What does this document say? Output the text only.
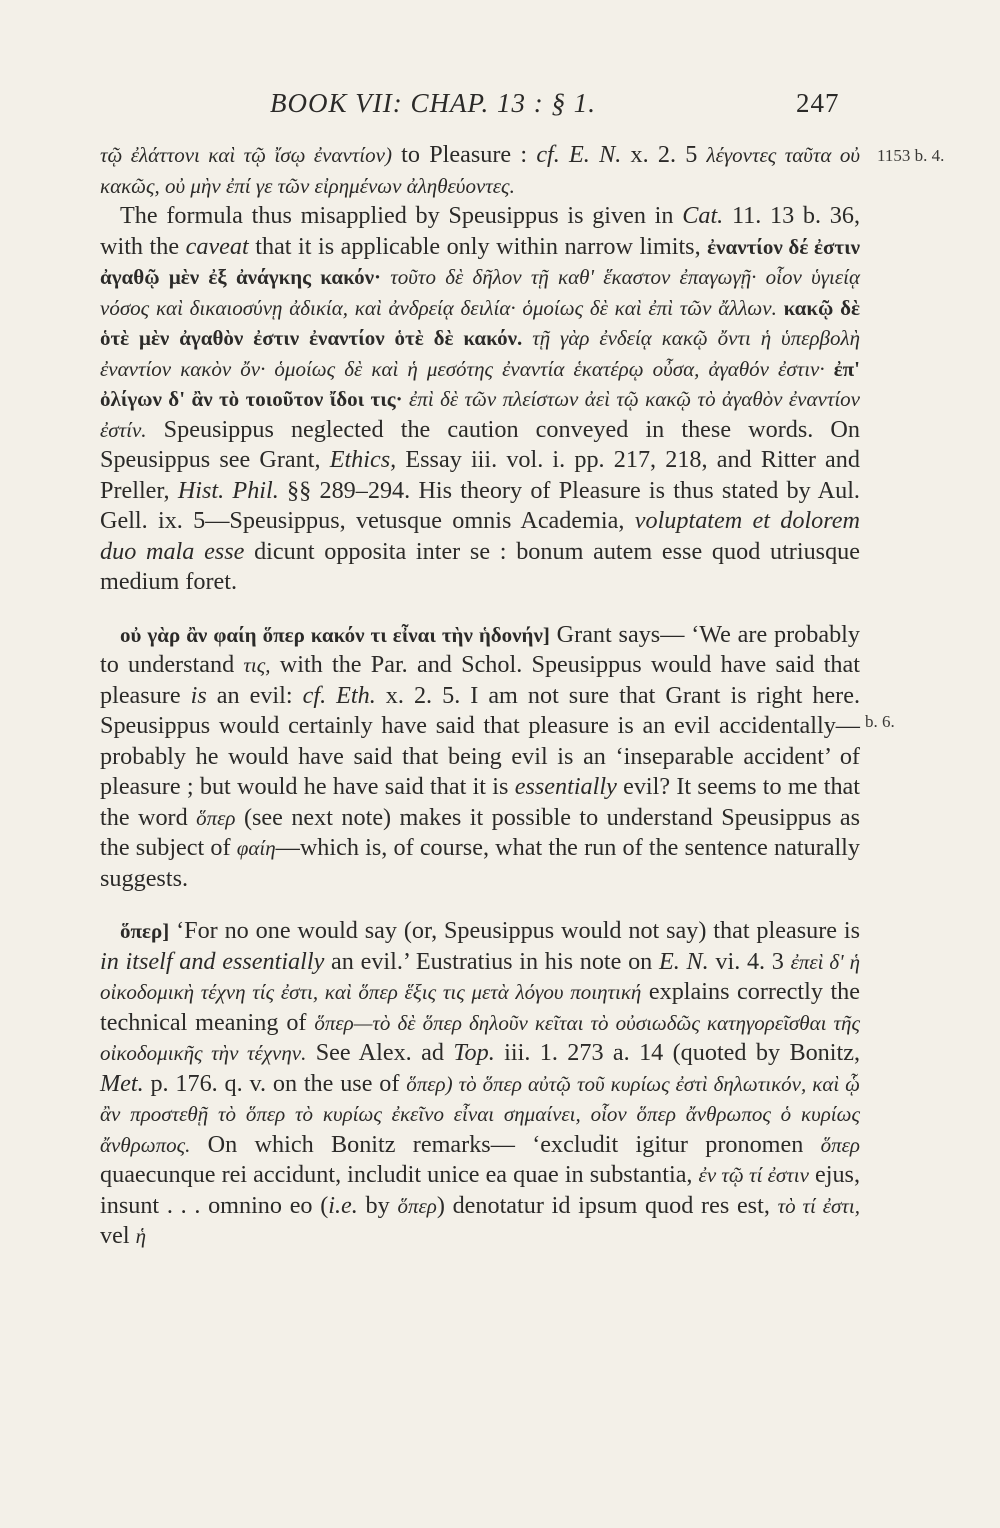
BOOK VII: CHAP. 13 : § 1.	247
1153 b. 4.
b. 6.

τῷ ἐλάττονι καὶ τῷ ἴσῳ ἐναντίον) to Pleasure : cf. E. N. x. 2. 5 λέγοντες ταῦτα οὐ κακῶς, οὐ μὴν ἐπί γε τῶν εἰρημένων ἀληθεύοντες.

The formula thus misapplied by Speusippus is given in Cat. 11. 13 b. 36, with the caveat that it is applicable only within narrow limits, ἐναντίον δέ ἐστιν ἀγαθῷ μὲν ἐξ ἀνάγκης κακόν· τοῦτο δὲ δῆλον τῇ καθ' ἕκαστον ἐπαγωγῇ· οἷον ὑγιείᾳ νόσος καὶ δικαιοσύνῃ ἀδικία, καὶ ἀνδρείᾳ δειλία· ὁμοίως δὲ καὶ ἐπὶ τῶν ἄλλων. κακῷ δὲ ὁτὲ μὲν ἀγαθὸν ἐστιν ἐναντίον ὁτὲ δὲ κακόν. τῇ γὰρ ἐνδείᾳ κακῷ ὄντι ἡ ὑπερβολὴ ἐναντίον κακὸν ὄν· ὁμοίως δὲ καὶ ἡ μεσότης ἐναντία ἑκατέρῳ οὖσα, ἀγαθόν ἐστιν· ἐπ' ὀλίγων δ' ἂν τὸ τοιοῦτον ἴδοι τις· ἐπὶ δὲ τῶν πλείστων ἀεὶ τῷ κακῷ τὸ ἀγαθὸν ἐναντίον ἐστίν. Speusippus neglected the caution conveyed in these words. On Speusippus see Grant, Ethics, Essay iii. vol. i. pp. 217, 218, and Ritter and Preller, Hist. Phil. §§ 289–294. His theory of Pleasure is thus stated by Aul. Gell. ix. 5—Speusippus, vetusque omnis Academia, voluptatem et dolorem duo mala esse dicunt opposita inter se : bonum autem esse quod utriusque medium foret.

οὐ γὰρ ἂν φαίη ὅπερ κακόν τι εἶναι τὴν ἡδονήν] Grant says— ‘We are probably to understand τις, with the Par. and Schol. Speusippus would have said that pleasure is an evil: cf. Eth. x. 2. 5. I am not sure that Grant is right here. Speusippus would certainly have said that pleasure is an evil accidentally—probably he would have said that being evil is an ‘inseparable accident’ of pleasure ; but would he have said that it is essentially evil? It seems to me that the word ὅπερ (see next note) makes it possible to understand Speusippus as the subject of φαίη—which is, of course, what the run of the sentence naturally suggests.

ὅπερ] ‘For no one would say (or, Speusippus would not say) that pleasure is in itself and essentially an evil.’ Eustratius in his note on E. N. vi. 4. 3 ἐπεὶ δ' ἡ οἰκοδομικὴ τέχνη τίς ἐστι, καὶ ὅπερ ἕξις τις μετὰ λόγου ποιητική explains correctly the technical meaning of ὅπερ—τὸ δὲ ὅπερ δηλοῦν κεῖται τὸ οὐσιωδῶς κατηγορεῖσθαι τῆς οἰκοδομικῆς τὴν τέχνην. See Alex. ad Top. iii. 1. 273 a. 14 (quoted by Bonitz, Met. p. 176. q. v. on the use of ὅπερ) τὸ ὅπερ αὐτῷ τοῦ κυρίως ἐστὶ δηλωτικόν, καὶ ᾧ ἂν προστεθῇ τὸ ὅπερ τὸ κυρίως ἐκεῖνο εἶναι σημαίνει, οἷον ὅπερ ἄνθρωπος ὁ κυρίως ἄνθρωπος. On which Bonitz remarks— ‘excludit igitur pronomen ὅπερ quaecunque rei accidunt, includit unice ea quae in substantia, ἐν τῷ τί ἐστιν ejus, insunt . . . omnino eo (i.e. by ὅπερ) denotatur id ipsum quod res est, τὸ τί ἐστι, vel ἡ
